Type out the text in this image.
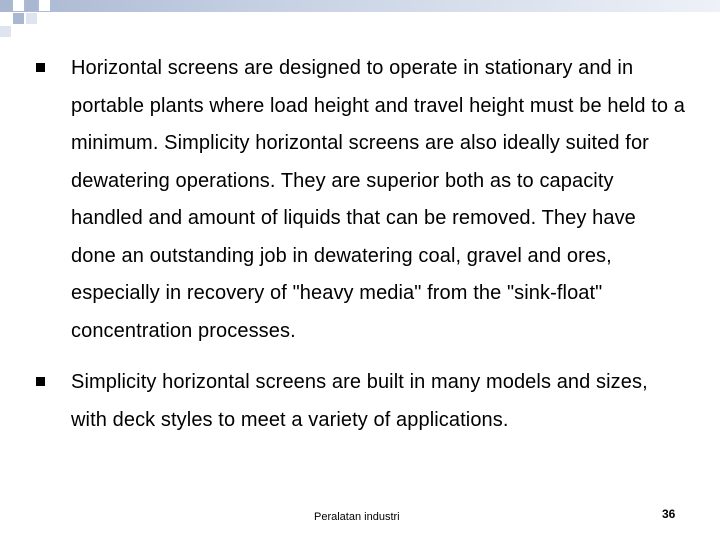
Horizontal screens are designed to operate in stationary and in portable plants where load height and travel height must be held to a minimum. Simplicity horizontal screens are also ideally suited for dewatering operations. They are superior both as to capacity handled and amount of liquids that can be removed. They have done an outstanding job in dewatering coal, gravel and ores, especially in recovery of "heavy media" from the "sink-float" concentration processes.
Simplicity horizontal screens are built in many models and sizes, with deck styles to meet a variety of applications.
Peralatan industri	36
